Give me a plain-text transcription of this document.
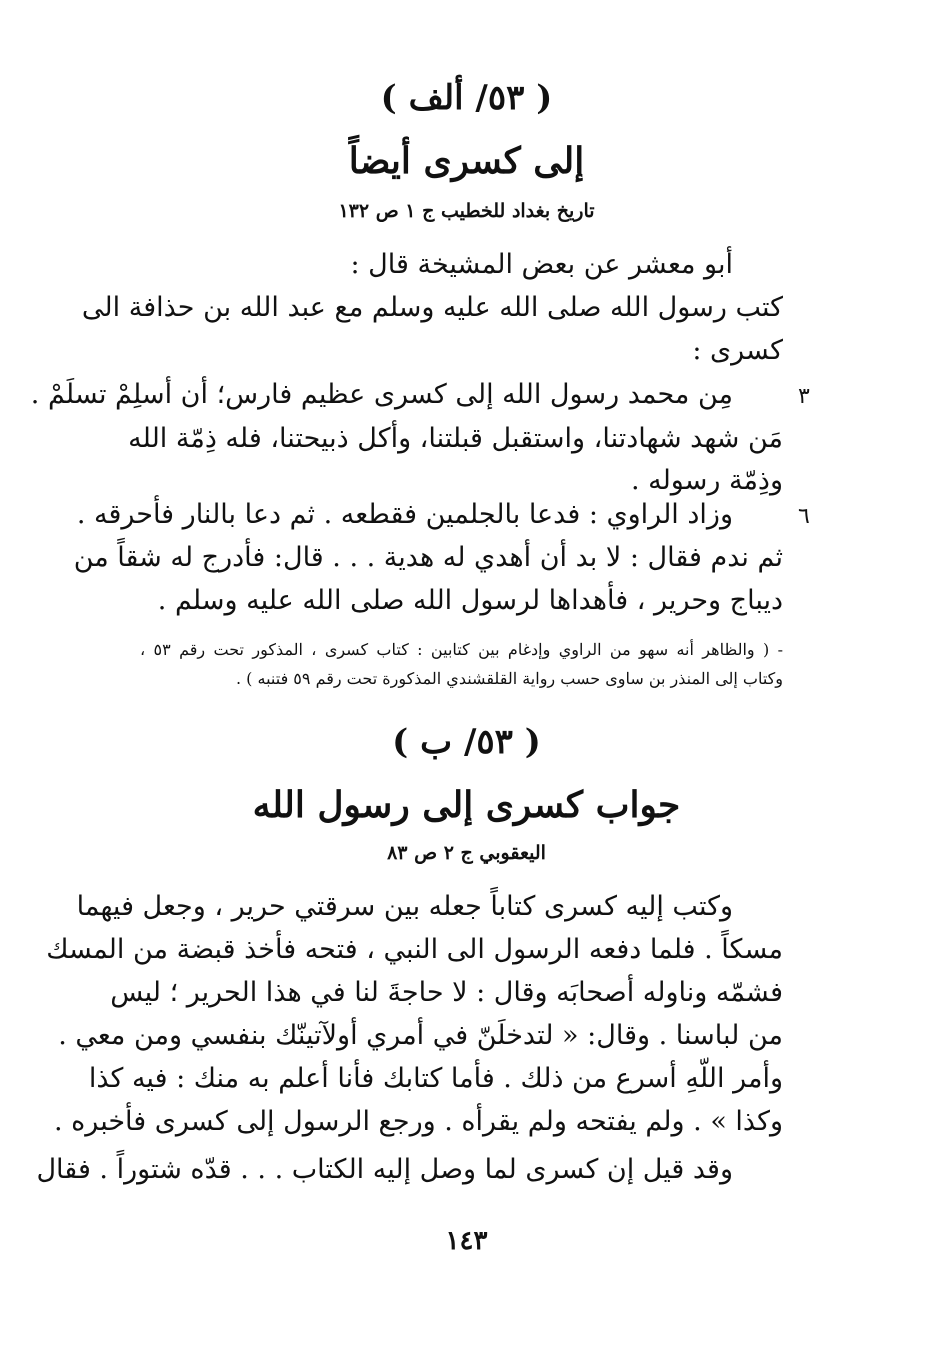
( ٥٣/ ألف )
إلى كسرى أيضاً
تاريخ بغداد للخطيب ج ١ ص ١٣٢
أبو معشر عن بعض المشيخة قال :
كتب رسول الله صلى الله عليه وسلم مع عبد الله بن حذافة الى
كسرى :
٣
مِن محمد رسول الله إلى كسرى عظيم فارس؛ أن أسلِمْ تسلَمْ .
مَن شهد شهادتنا، واستقبل قبلتنا، وأكل ذبيحتنا، فله ذِمّة الله
وذِمّة رسوله .
٦
وزاد الراوي : فدعا بالجلمين فقطعه . ثم دعا بالنار فأحرقه .
ثم ندم فقال : لا بد أن أهدي له هدية . . . قال: فأدرج له شقاً من
ديباج وحرير ، فأهداها لرسول الله صلى الله عليه وسلم .
- ( والظاهر أنه سهو من الراوي وإدغام بين كتابين : كتاب كسرى ، المذكور تحت رقم ٥٣ ،
وكتاب إلى المنذر بن ساوى حسب رواية القلقشندي المذكورة تحت رقم ٥٩ فتنبه ) .
( ٥٣/ ب )
جواب كسرى إلى رسول الله
اليعقوبي ج ٢ ص ٨٣
وكتب إليه كسرى كتاباً جعله بين سرقتي حرير ، وجعل فيهما
مسكاً . فلما دفعه الرسول الى النبي ، فتحه فأخذ قبضة من المسك
فشمّه وناوله أصحابَه وقال : لا حاجةَ لنا في هذا الحرير ؛ ليس
من لباسنا . وقال: « لتدخلَنّ في أمري أولآتينّك بنفسي ومن معي .
وأمر اللّهِ أسرع من ذلك . فأما كتابك فأنا أعلم به منك : فيه كذا
وكذا » . ولم يفتحه ولم يقرأه . ورجع الرسول إلى كسرى فأخبره .
وقد قيل إن كسرى لما وصل إليه الكتاب . . . قدّه شتوراً . فقال
١٤٣
